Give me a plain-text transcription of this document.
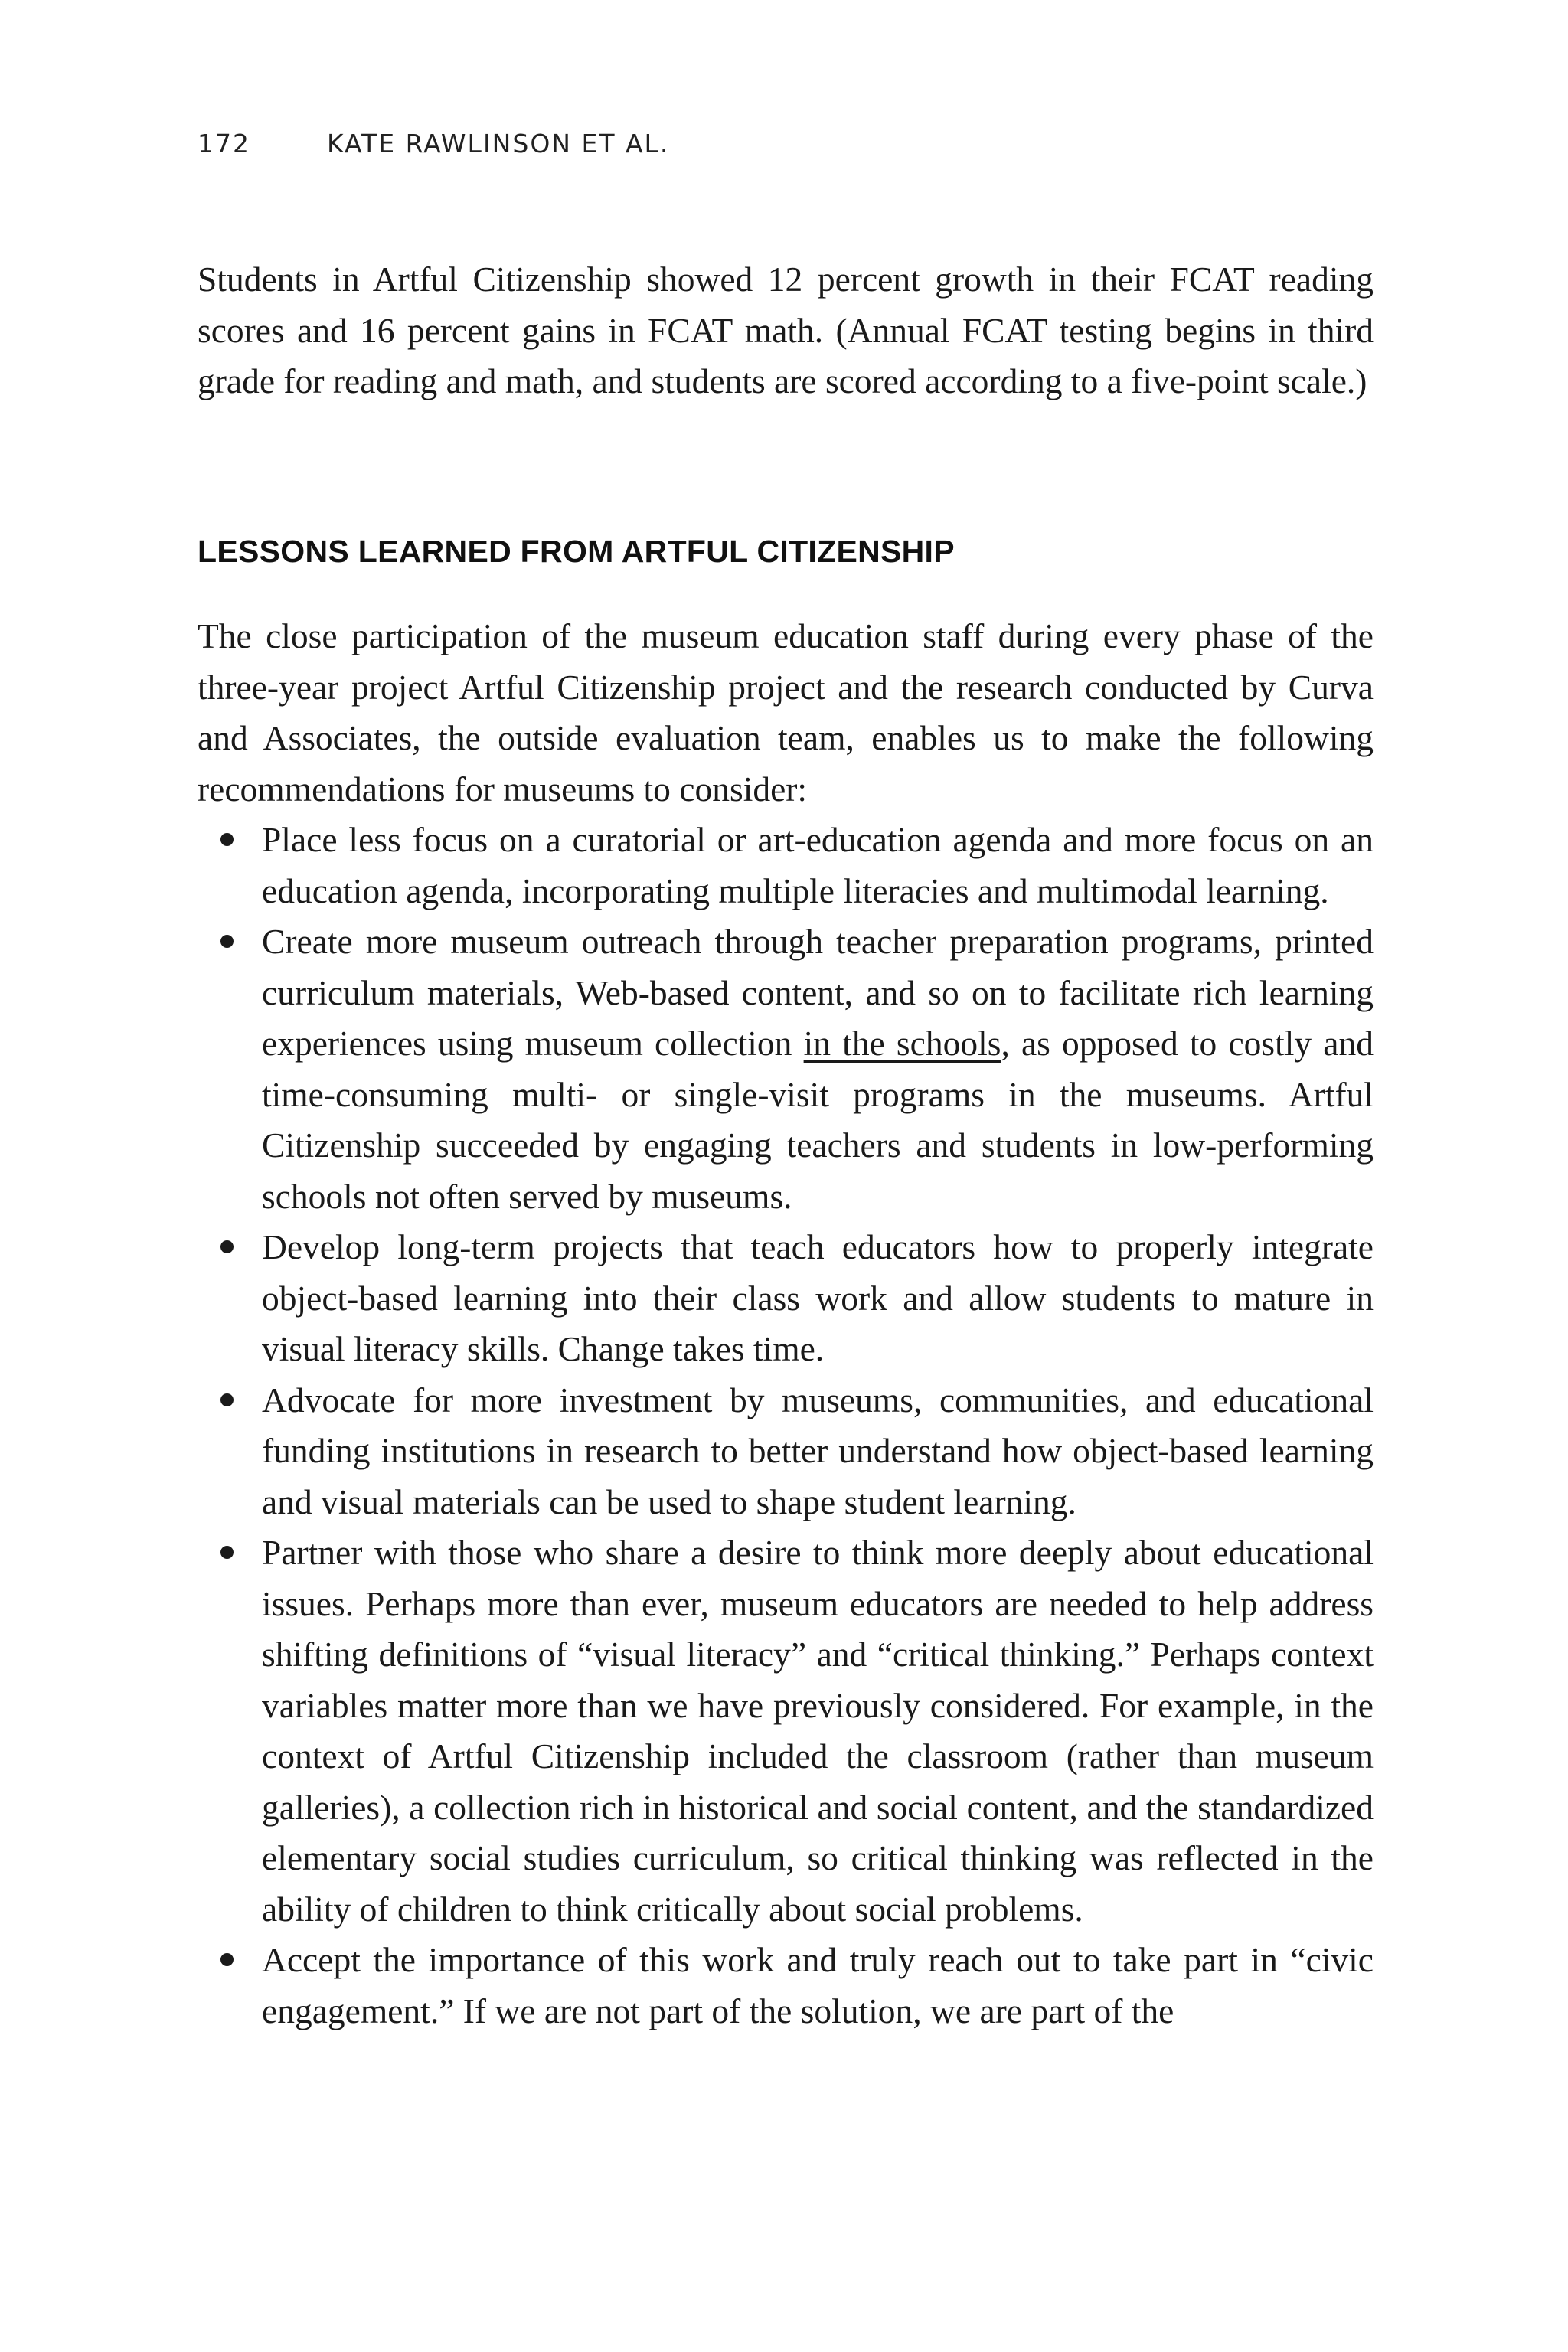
172	KATE RAWLINSON ET AL.

Students in Artful Citizenship showed 12 percent growth in their FCAT reading scores and 16 percent gains in FCAT math. (Annual FCAT testing begins in third grade for reading and math, and students are scored according to a five-point scale.)

LESSONS LEARNED FROM ARTFUL CITIZENSHIP

The close participation of the museum education staff during every phase of the three-year project Artful Citizenship project and the research conducted by Curva and Associates, the outside evaluation team, enables us to make the following recommendations for museums to consider:

Place less focus on a curatorial or art-education agenda and more focus on an education agenda, incorporating multiple literacies and multimodal learning.
Create more museum outreach through teacher preparation programs, printed curriculum materials, Web-based content, and so on to facilitate rich learning experiences using museum collection in the schools, as opposed to costly and time-consuming multi- or single-visit programs in the museums. Artful Citizenship succeeded by engaging teachers and students in low-performing schools not often served by museums.
Develop long-term projects that teach educators how to properly integrate object-based learning into their class work and allow students to mature in visual literacy skills. Change takes time.
Advocate for more investment by museums, communities, and educational funding institutions in research to better understand how object-based learning and visual materials can be used to shape student learning.
Partner with those who share a desire to think more deeply about educational issues. Perhaps more than ever, museum educators are needed to help address shifting definitions of “visual literacy” and “critical thinking.” Perhaps context variables matter more than we have previously considered. For example, in the context of Artful Citizenship included the classroom (rather than museum galleries), a collection rich in historical and social content, and the standardized elementary social studies curriculum, so critical thinking was reflected in the ability of children to think critically about social problems.
Accept the importance of this work and truly reach out to take part in “civic engagement.” If we are not part of the solution, we are part of the
